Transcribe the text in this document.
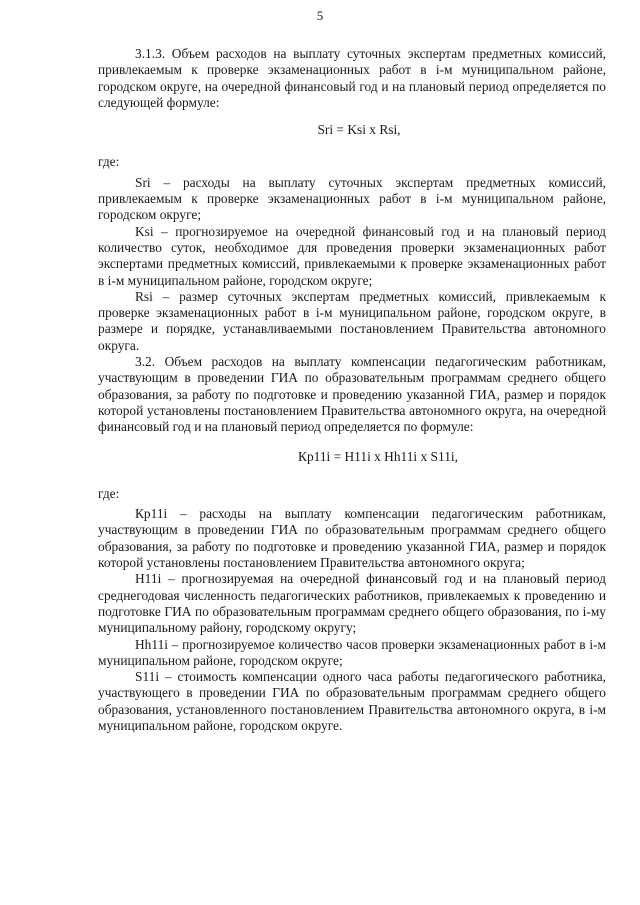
5

3.1.3. Объем расходов на выплату суточных экспертам предметных комиссий, привлекаемым к проверке экзаменационных работ в i-м муниципальном районе, городском округе, на очередной финансовый год и на плановый период определяется по следующей формуле:

Sri = Ksi x Rsi,

где:

Sri – расходы на выплату суточных экспертам предметных комиссий, привлекаемым к проверке экзаменационных работ в i-м муниципальном районе, городском округе;

Ksi – прогнозируемое на очередной финансовый год и на плановый период количество суток, необходимое для проведения проверки экзаменационных работ экспертами предметных комиссий, привлекаемыми к проверке экзаменационных работ в i-м муниципальном районе, городском округе;

Rsi – размер суточных экспертам предметных комиссий, привлекаемым к проверке экзаменационных работ в i-м муниципальном районе, городском округе, в размере и порядке, устанавливаемыми постановлением Правительства автономного округа.

3.2. Объем расходов на выплату компенсации педагогическим работникам, участвующим в проведении ГИА по образовательным программам среднего общего образования, за работу по подготовке и проведению указанной ГИА, размер и порядок которой установлены постановлением Правительства автономного округа, на очередной финансовый год и на плановый период определяется по формуле:

Кр11i = Н11i x Hh11i x S11i,

где:

Кр11i – расходы на выплату компенсации педагогическим работникам, участвующим в проведении ГИА по образовательным программам среднего общего образования, за работу по подготовке и проведению указанной ГИА, размер и порядок которой установлены постановлением Правительства автономного округа;

Н11i – прогнозируемая на очередной финансовый год и на плановый период среднегодовая численность педагогических работников, привлекаемых к проведению и подготовке ГИА по образовательным программам среднего общего образования, по i-му муниципальному району, городскому округу;

Hh11i – прогнозируемое количество часов проверки экзаменационных работ в i-м муниципальном районе, городском округе;

S11i – стоимость компенсации одного часа работы педагогического работника, участвующего в проведении ГИА по образовательным программам среднего общего образования, установленного постановлением Правительства автономного округа, в i-м муниципальном районе, городском округе.
